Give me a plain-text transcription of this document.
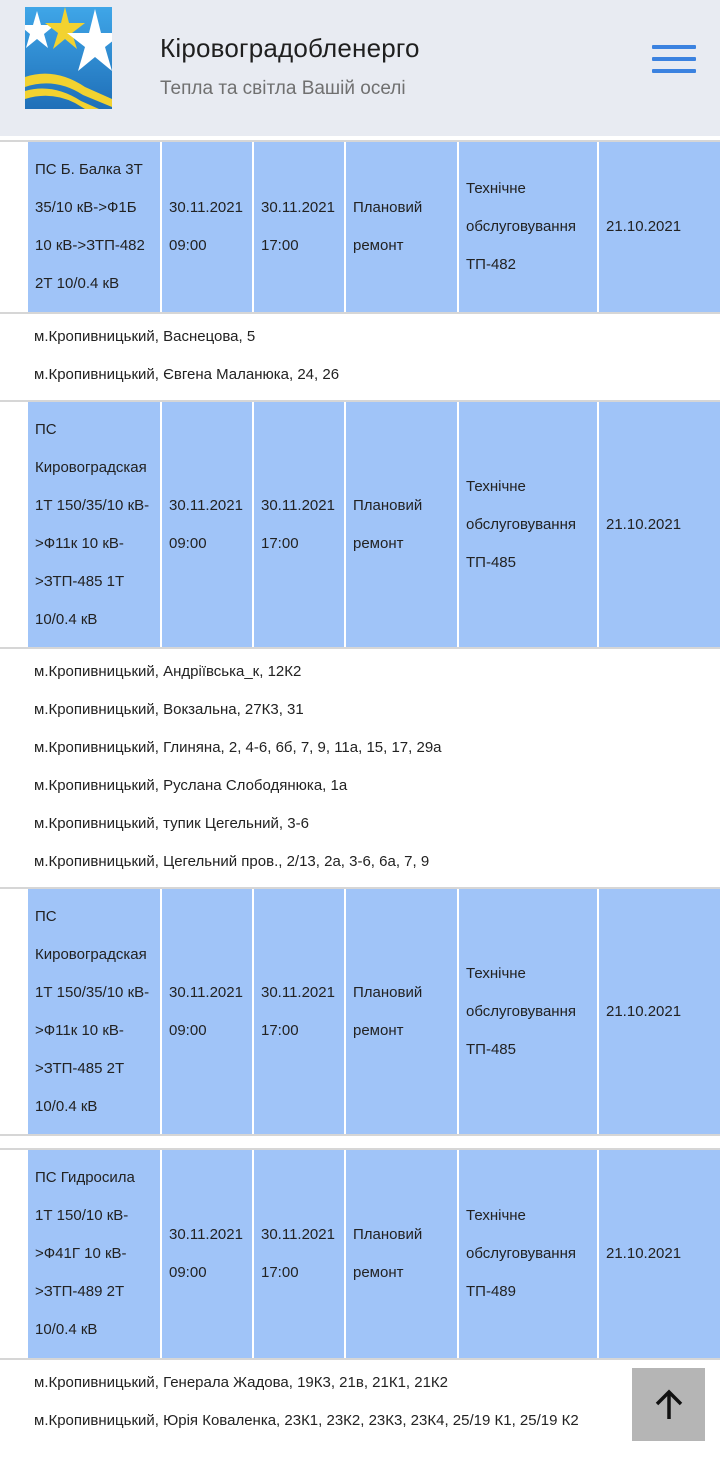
Кіровоградобленерго
Тепла та світла Вашій оселі
ПС Б. Балка 3Т 35/10 кВ->Ф1Б 10 кВ->ЗТП-482 2Т 10/0.4 кВ
30.11.2021
09:00
30.11.2021
17:00
Плановий ремонт
Технічне обслуговування ТП-482
21.10.2021
м.Кропивницький, Васнецова, 5
м.Кропивницький, Євгена Маланюка, 24, 26
ПС Кировоградская 1Т 150/35/10 кВ->Ф11к 10 кВ->ЗТП-485 1Т 10/0.4 кВ
30.11.2021
09:00
30.11.2021
17:00
Плановий ремонт
Технічне обслуговування ТП-485
21.10.2021
м.Кропивницький, Андріївська_к, 12К2
м.Кропивницький, Вокзальна, 27К3, 31
м.Кропивницький, Глиняна, 2, 4-6, 6б, 7, 9, 11а, 15, 17, 29а
м.Кропивницький, Руслана Слободянюка, 1а
м.Кропивницький, тупик Цегельний, 3-6
м.Кропивницький, Цегельний пров., 2/13, 2а, 3-6, 6а, 7, 9
ПС Кировоградская 1Т 150/35/10 кВ->Ф11к 10 кВ->ЗТП-485 2Т 10/0.4 кВ
30.11.2021
09:00
30.11.2021
17:00
Плановий ремонт
Технічне обслуговування ТП-485
21.10.2021
ПС Гидросила 1Т 150/10 кВ->Ф41Г 10 кВ->ЗТП-489 2Т 10/0.4 кВ
30.11.2021
09:00
30.11.2021
17:00
Плановий ремонт
Технічне обслуговування ТП-489
21.10.2021
м.Кропивницький, Генерала Жадова, 19К3, 21в, 21К1, 21К2
м.Кропивницький, Юрія Коваленка, 23К1, 23К2, 23К3, 23К4, 25/19 К1, 25/19 К2
